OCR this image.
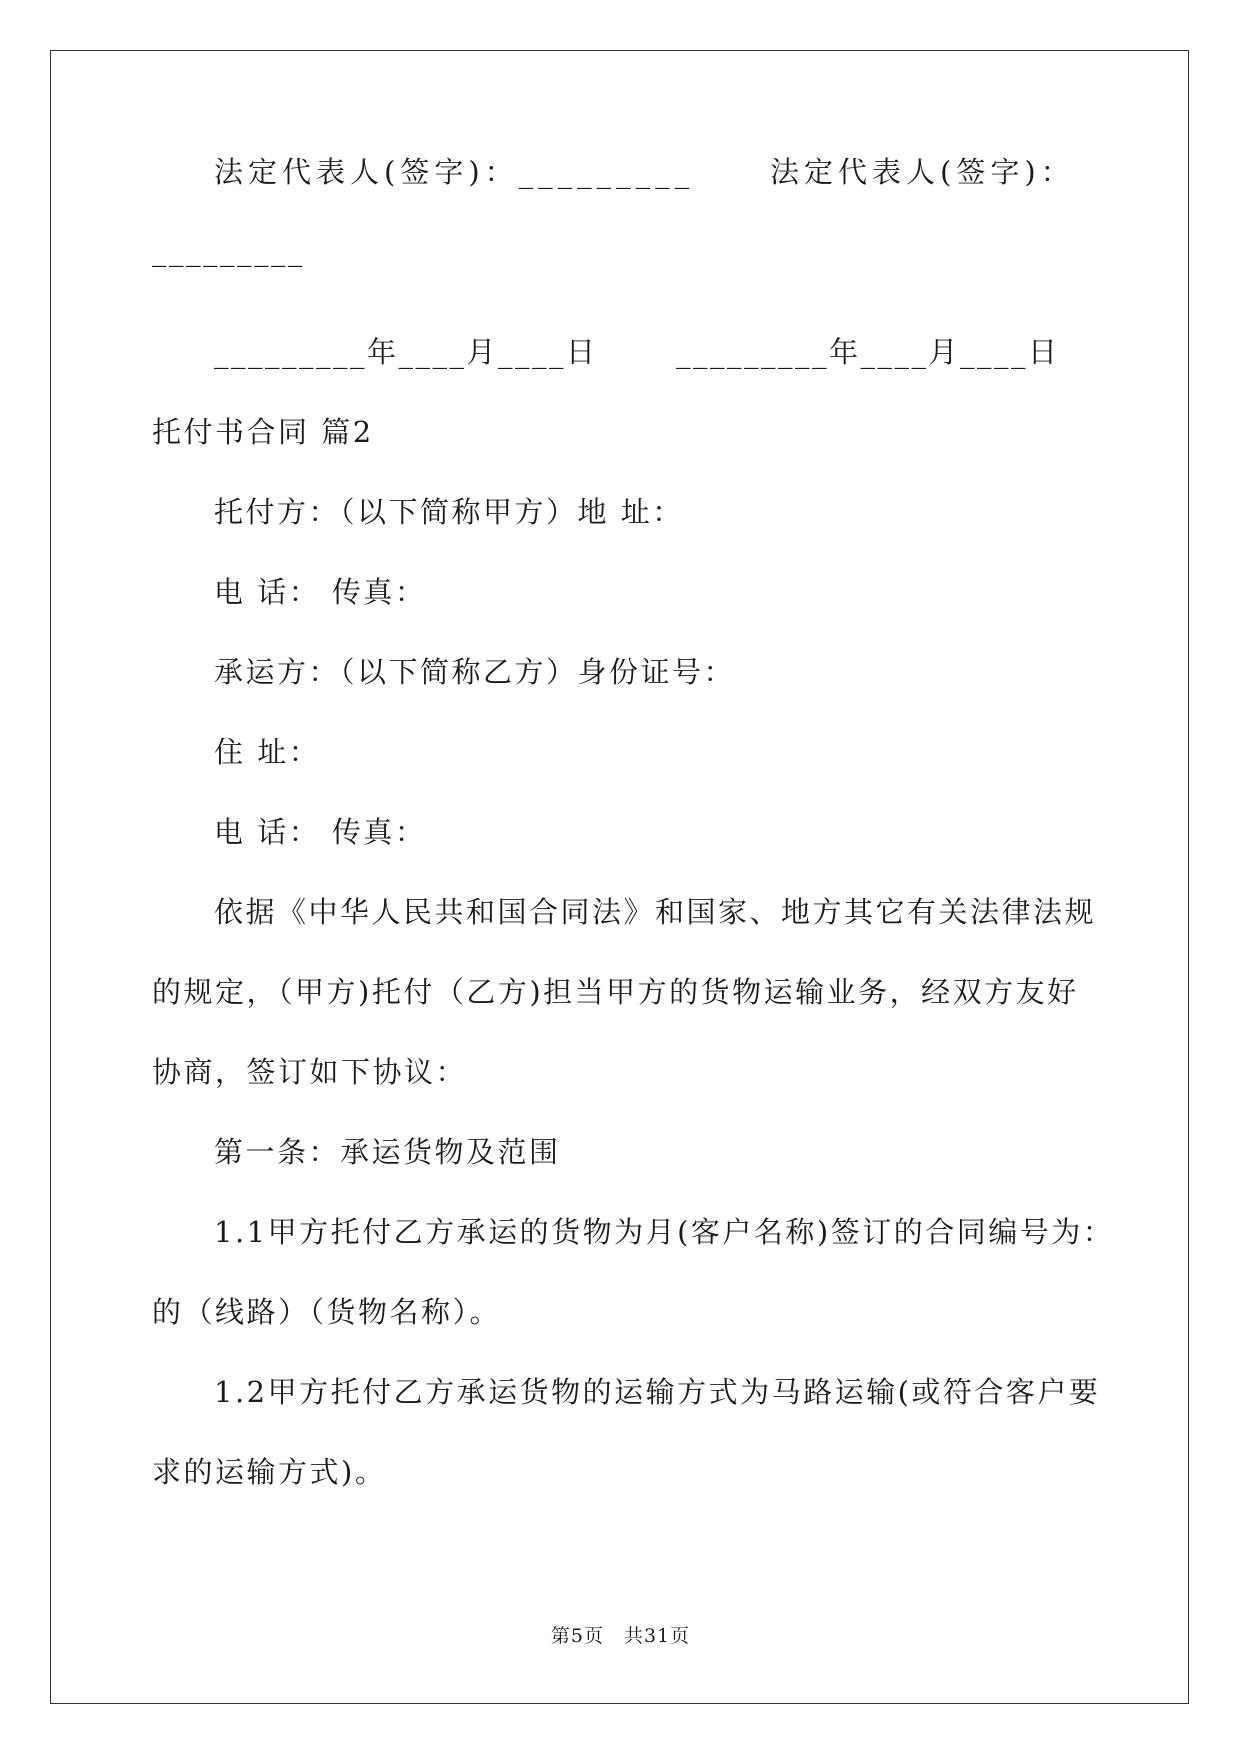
法定代表人(签字)：_________	法定代表人(签字)：
_________
_________年____月____日	_________年____月____日
托付书合同 篇2
托付方：（以下简称甲方）地 址：
电 话： 传真：
承运方：（以下简称乙方）身份证号：
住 址：
电 话： 传真：
依据《中华人民共和国合同法》和国家、地方其它有关法律法规
的规定，（甲方)托付（乙方)担当甲方的货物运输业务，经双方友好
协商，签订如下协议：
第一条：承运货物及范围
1.1甲方托付乙方承运的货物为月(客户名称)签订的合同编号为：
的（线路）（货物名称）。
1.2甲方托付乙方承运货物的运输方式为马路运输(或符合客户要
求的运输方式)。
第5页　共31页
